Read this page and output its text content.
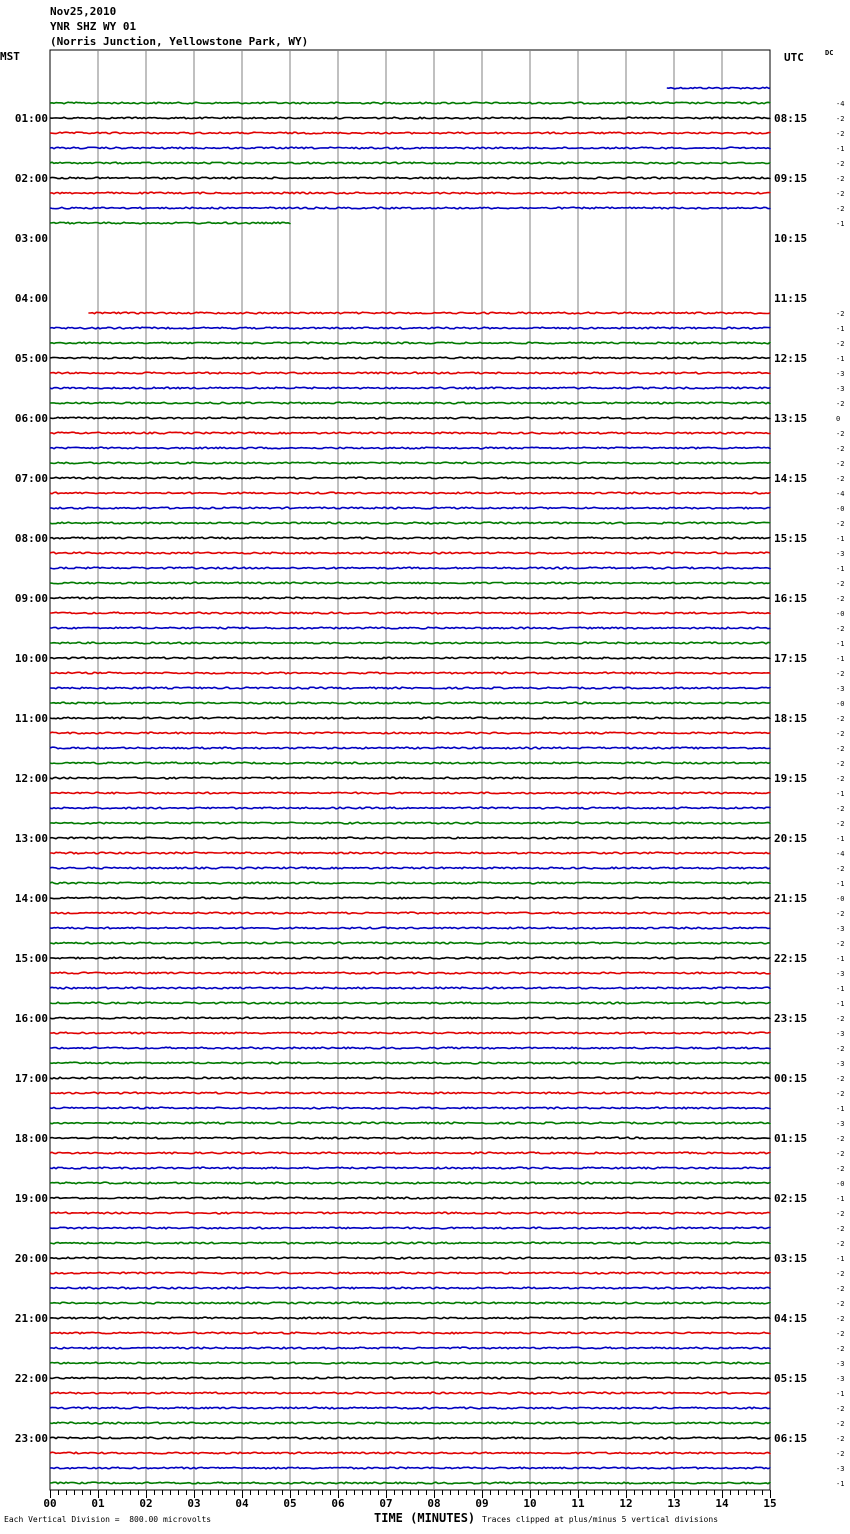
Nov25,2010
YNR SHZ WY 01
(Norris Junction, Yellowstone Park, WY)
MST	UTC	DC
00	01	02	03	04	05	06	07	08	09	10	11	12	13	14	15
01:00
02:00
03:00
04:00
05:00
06:00
07:00
08:00
09:00
10:00
11:00
12:00
13:00
14:00
15:00
16:00
17:00
18:00
19:00
20:00
21:00
22:00
23:00
08:15
09:15
10:15
11:15
12:15
13:15
14:15
15:15
16:15
17:15
18:15
19:15
20:15
21:15
22:15
23:15
00:15
01:15
02:15
03:15
04:15
05:15
06:15
-4
-2
-2
-1
-2
-2
-2
-2
-1
-2
-1
-2
-1
-3
-3
-2
0
-2
-2
-2
-2
-4
-0
-2
-1
-3
-1
-2
-2
-0
-2
-1
-1
-2
-3
-0
-2
-2
-2
-2
-2
-1
-2
-2
-1
-4
-2
-1
-0
-2
-3
-2
-1
-3
-1
-1
-2
-3
-2
-3
-2
-2
-1
-3
-2
-2
-2
-0
-1
-2
-2
-2
-1
-2
-2
-2
-2
-2
-2
-3
-3
-1
-2
-2
-2
-2
-3
-1
Each Vertical Division =  800.00 microvolts	TIME (MINUTES) Traces clipped at plus/minus 5 vertical divisions
